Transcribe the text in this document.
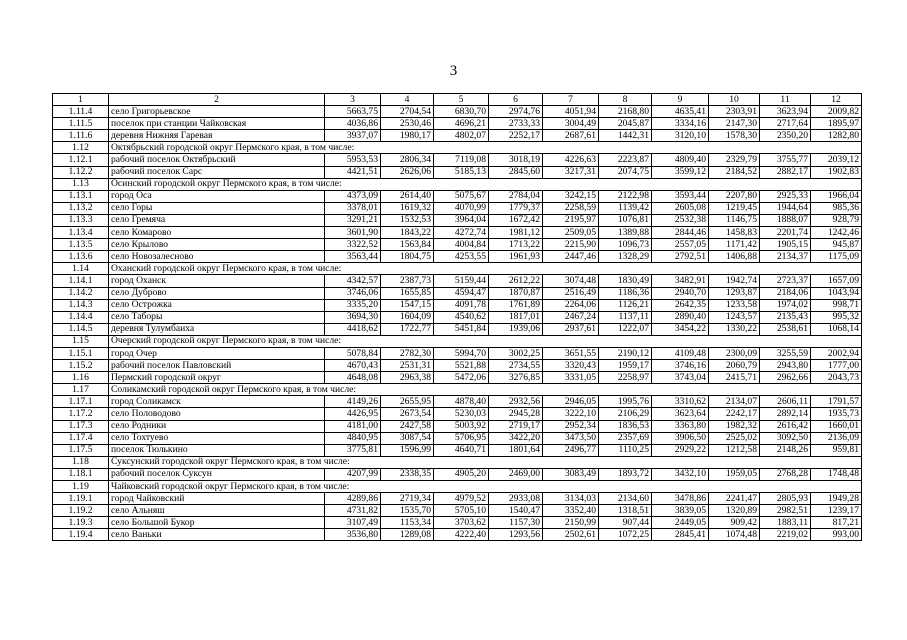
3
1	2	3	4	5	6	7	8	9	10	11	12
1.11.4	село Григорьевское	5663,75	2704,54	6830,70	2974,76	4051,94	2168,80	4635,41	2303,91	3623,94	2009,82
1.11.5	поселок при станции Чайковская	4036,86	2530,46	4696,21	2733,33	3004,49	2045,87	3334,16	2147,30	2717,64	1895,97
1.11.6	деревня Нижняя Гаревая	3937,07	1980,17	4802,07	2252,17	2687,61	1442,31	3120,10	1578,30	2350,20	1282,80
1.12	Октябрьский городской округ Пермского края, в том числе:										
1.12.1	рабочий поселок Октябрьский	5953,53	2806,34	7119,08	3018,19	4226,63	2223,87	4809,40	2329,79	3755,77	2039,12
1.12.2	рабочий поселок Сарс	4421,51	2626,06	5185,13	2845,60	3217,31	2074,75	3599,12	2184,52	2882,17	1902,83
1.13	Осинский городской округ Пермского края, в том числе:										
1.13.1	город Оса	4373,09	2614,40	5075,67	2784,04	3242,15	2122,98	3593,44	2207,80	2925,33	1966,04
1.13.2	село Горы	3378,01	1619,32	4070,99	1779,37	2258,59	1139,42	2605,08	1219,45	1944,64	985,36
1.13.3	село Гремяча	3291,21	1532,53	3964,04	1672,42	2195,97	1076,81	2532,38	1146,75	1888,07	928,79
1.13.4	село Комарово	3601,90	1843,22	4272,74	1981,12	2509,05	1389,88	2844,46	1458,83	2201,74	1242,46
1.13.5	село Крылово	3322,52	1563,84	4004,84	1713,22	2215,90	1096,73	2557,05	1171,42	1905,15	945,87
1.13.6	село Новозалесново	3563,44	1804,75	4253,55	1961,93	2447,46	1328,29	2792,51	1406,88	2134,37	1175,09
1.14	Оханский городской округ Пермского края, в том числе:										
1.14.1	город Оханск	4342,57	2387,73	5159,44	2612,22	3074,48	1830,49	3482,91	1942,74	2723,37	1657,09
1.14.2	село Дуброво	3746,06	1655,85	4594,47	1870,87	2516,49	1186,36	2940,70	1293,87	2184,06	1043,94
1.14.3	село Острожка	3335,20	1547,15	4091,78	1761,89	2264,06	1126,21	2642,35	1233,58	1974,02	998,71
1.14.4	село Таборы	3694,30	1604,09	4540,62	1817,01	2467,24	1137,11	2890,40	1243,57	2135,43	995,32
1.14.5	деревня Тулумбаиха	4418,62	1722,77	5451,84	1939,06	2937,61	1222,07	3454,22	1330,22	2538,61	1068,14
1.15	Очерский городской округ Пермского края, в том числе:										
1.15.1	город Очер	5078,84	2782,30	5994,70	3002,25	3651,55	2190,12	4109,48	2300,09	3255,59	2002,94
1.15.2	рабочий поселок Павловский	4670,43	2531,31	5521,88	2734,55	3320,43	1959,17	3746,16	2060,79	2943,80	1777,00
1.16	Пермский городской округ	4648,08	2963,38	5472,06	3276,85	3331,05	2258,97	3743,04	2415,71	2962,66	2043,73
1.17	Соликамский городской округ Пермского края, в том числе:										
1.17.1	город Соликамск	4149,26	2655,95	4878,40	2932,56	2946,05	1995,76	3310,62	2134,07	2606,11	1791,57
1.17.2	село Половодово	4426,95	2673,54	5230,03	2945,28	3222,10	2106,29	3623,64	2242,17	2892,14	1935,73
1.17.3	село Родники	4181,00	2427,58	5003,92	2719,17	2952,34	1836,53	3363,80	1982,32	2616,42	1660,01
1.17.4	село Тохтуево	4840,95	3087,54	5706,95	3422,20	3473,50	2357,69	3906,50	2525,02	3092,50	2136,09
1.17.5	поселок Тюлькино	3775,81	1596,99	4640,71	1801,64	2496,77	1110,25	2929,22	1212,58	2148,26	959,81
1.18	Суксунский городской округ Пермского края, в том числе:										
1.18.1	рабочий поселок Суксун	4207,99	2338,35	4905,20	2469,00	3083,49	1893,72	3432,10	1959,05	2768,28	1748,48
1.19	Чайковский городской округ Пермского края, в том числе:										
1.19.1	город Чайковский	4289,86	2719,34	4979,52	2933,08	3134,03	2134,60	3478,86	2241,47	2805,93	1949,28
1.19.2	село Альняш	4731,82	1535,70	5705,10	1540,47	3352,40	1318,51	3839,05	1320,89	2982,51	1239,17
1.19.3	село Большой Букор	3107,49	1153,34	3703,62	1157,30	2150,99	907,44	2449,05	909,42	1883,11	817,21
1.19.4	село Ваньки	3536,80	1289,08	4222,40	1293,56	2502,61	1072,25	2845,41	1074,48	2219,02	993,00
